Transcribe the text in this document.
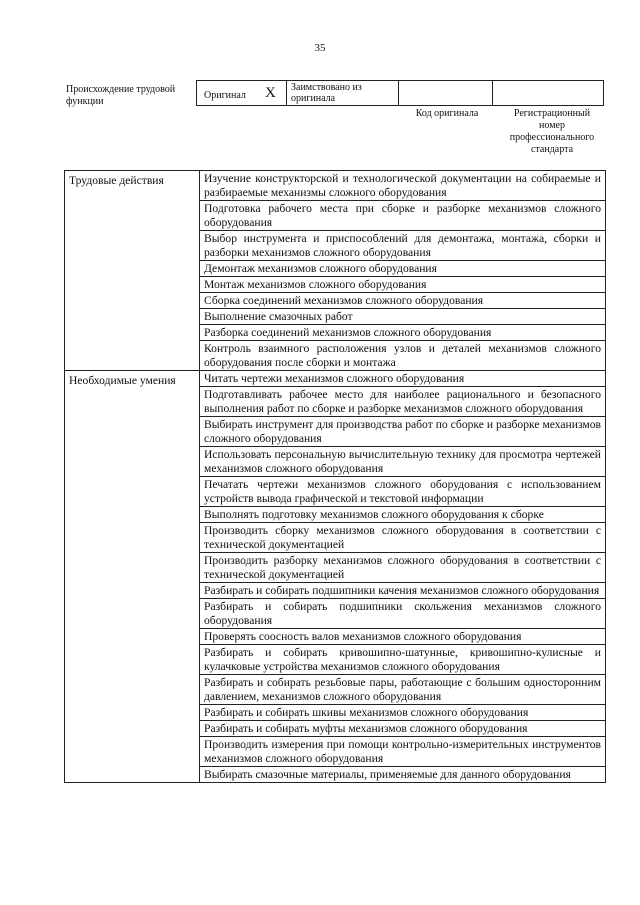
35
Происхождение трудовой функции
Оригинал X	Заимствовано из оригинала
Код оригинала	Регистрационный номер профессионального стандарта
Трудовые действия	Изучение конструкторской и технологической документации на собираемые и разбираемые механизмы сложного оборудования
	Подготовка рабочего места при сборке и разборке механизмов сложного оборудования
	Выбор инструмента и приспособлений для демонтажа, монтажа, сборки и разборки механизмов сложного оборудования
	Демонтаж механизмов сложного оборудования
	Монтаж механизмов сложного оборудования
	Сборка соединений механизмов сложного оборудования
	Выполнение смазочных работ
	Разборка соединений механизмов сложного оборудования
	Контроль взаимного расположения узлов и деталей механизмов сложного оборудования после сборки и монтажа
Необходимые умения	Читать чертежи механизмов сложного оборудования
	Подготавливать рабочее место для наиболее рационального и безопасного выполнения работ по сборке и разборке механизмов сложного оборудования
	Выбирать инструмент для производства работ по сборке и разборке механизмов сложного оборудования
	Использовать персональную вычислительную технику для просмотра чертежей механизмов сложного оборудования
	Печатать чертежи механизмов сложного оборудования с использованием устройств вывода графической и текстовой информации
	Выполнять подготовку механизмов сложного оборудования к сборке
	Производить сборку механизмов сложного оборудования в соответствии с технической документацией
	Производить разборку механизмов сложного оборудования в соответствии с технической документацией
	Разбирать и собирать подшипники качения механизмов сложного оборудования
	Разбирать и собирать подшипники скольжения механизмов сложного оборудования
	Проверять соосность валов механизмов сложного оборудования
	Разбирать и собирать кривошипно-шатунные, кривошипно-кулисные и кулачковые устройства механизмов сложного оборудования
	Разбирать и собирать резьбовые пары, работающие с большим односторонним давлением, механизмов сложного оборудования
	Разбирать и собирать шкивы механизмов сложного оборудования
	Разбирать и собирать муфты механизмов сложного оборудования
	Производить измерения при помощи контрольно-измерительных инструментов механизмов сложного оборудования
	Выбирать смазочные материалы, применяемые для данного оборудования
